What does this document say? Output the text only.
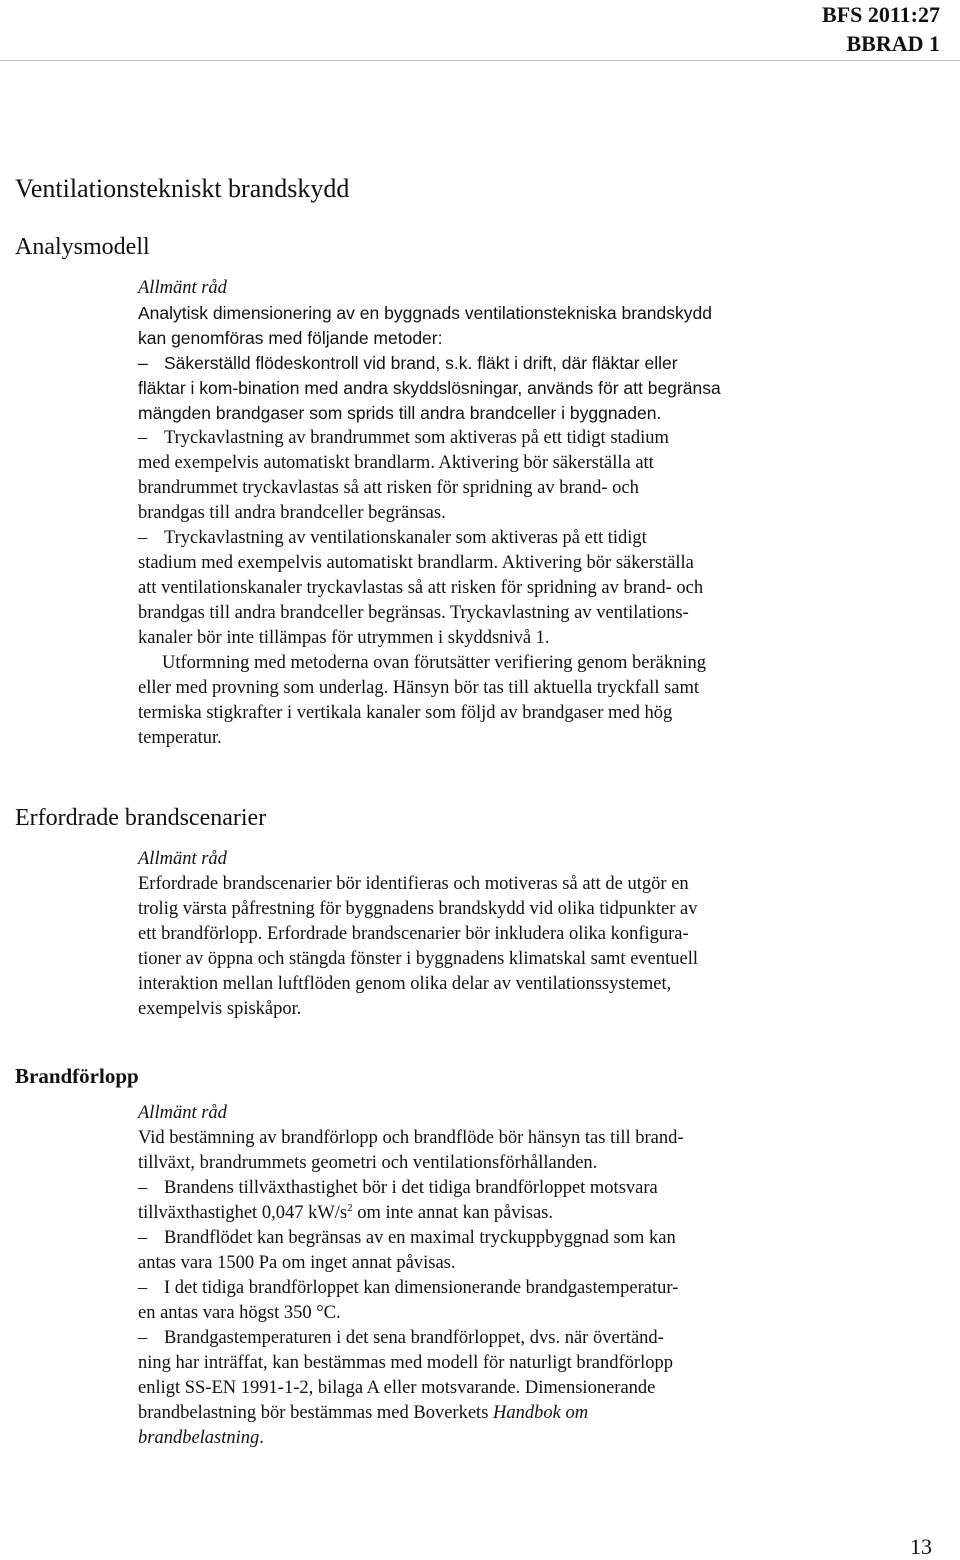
BFS 2011:27
BBRAD 1
Ventilationstekniskt brandskydd
Analysmodell

Allmänt råd

Analytisk dimensionering av en byggnads ventilationstekniska brandskydd

kan genomföras med följande metoder:

– Säkerställd flödeskontroll vid brand, s.k. fläkt i drift, där fläktar eller

fläktar i kom-bination med andra skyddslösningar, används för att begränsa

mängden brandgaser som sprids till andra brandceller i byggnaden.

– Tryckavlastning av brandrummet som aktiveras på ett tidigt stadium

med exempelvis automatiskt brandlarm. Aktivering bör säkerställa att

brandrummet tryckavlastas så att risken för spridning av brand- och

brandgas till andra brandceller begränsas.

– Tryckavlastning av ventilationskanaler som aktiveras på ett tidigt

stadium med exempelvis automatiskt brandlarm. Aktivering bör säkerställa

att ventilationskanaler tryckavlastas så att risken för spridning av brand- och

brandgas till andra brandceller begränsas. Tryckavlastning av ventilations-

kanaler bör inte tillämpas för utrymmen i skyddsnivå 1.

Utformning med metoderna ovan förutsätter verifiering genom beräkning

eller med provning som underlag. Hänsyn bör tas till aktuella tryckfall samt

termiska stigkrafter i vertikala kanaler som följd av brandgaser med hög

temperatur.

Erfordrade brandscenarier

Allmänt råd

Erfordrade brandscenarier bör identifieras och motiveras så att de utgör en

trolig värsta påfrestning för byggnadens brandskydd vid olika tidpunkter av

ett brandförlopp. Erfordrade brandscenarier bör inkludera olika konfigura-

tioner av öppna och stängda fönster i byggnadens klimatskal samt eventuell

interaktion mellan luftflöden genom olika delar av ventilationssystemet,

exempelvis spiskåpor.

Brandförlopp

Allmänt råd

Vid bestämning av brandförlopp och brandflöde bör hänsyn tas till brand-

tillväxt, brandrummets geometri och ventilationsförhållanden.

– Brandens tillväxthastighet bör i det tidiga brandförloppet motsvara

tillväxthastighet 0,047 $kW/s^2$ om inte annat kan påvisas.

– Brandflödet kan begränsas av en maximal tryckuppbyggnad som kan

antas vara 1500 Pa om inget annat påvisas.

– I det tidiga brandförloppet kan dimensionerande brandgastemperatur-

en antas vara högst 350 °C.

– Brandgastemperaturen i det sena brandförloppet, dvs. när övertänd-

ning har inträffat, kan bestämmas med modell för naturligt brandförlopp

enligt SS-EN 1991-1-2, bilaga A eller motsvarande. Dimensionerande

brandbelastning bör bestämmas med Boverkets Handbok om

brandbelastning.

13
